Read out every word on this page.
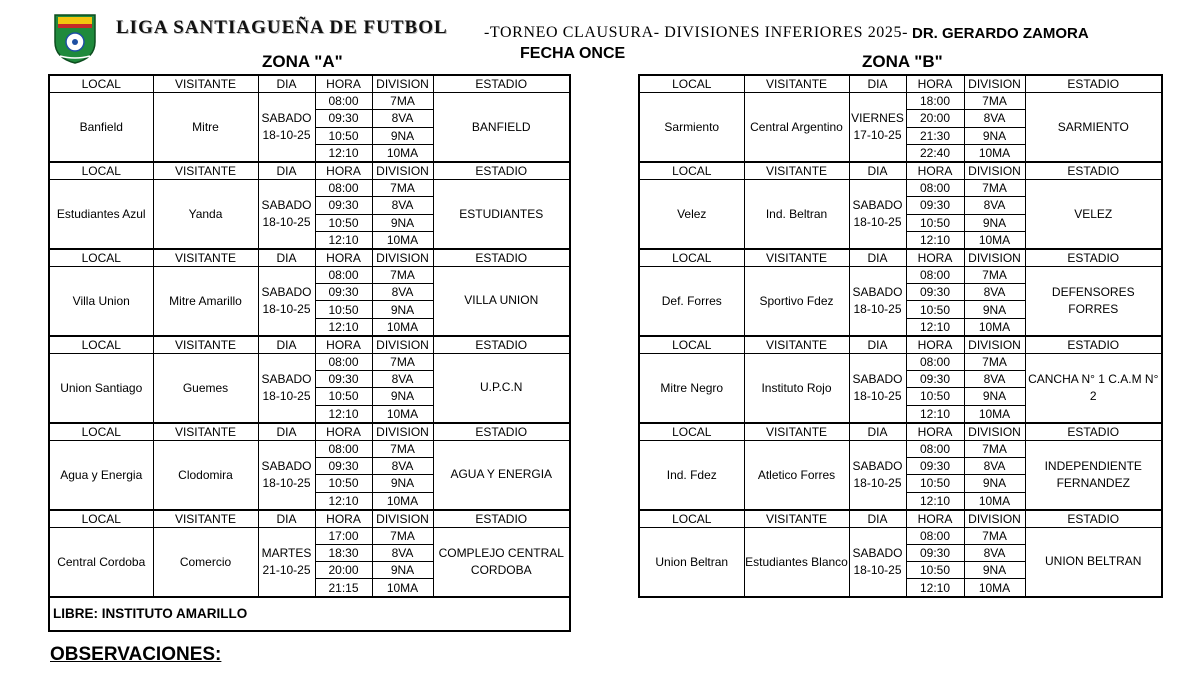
LIGA SANTIAGUEÑA DE FUTBOL -TORNEO CLAUSURA- DIVISIONES INFERIORES 2025- DR. GERARDO ZAMORA
FECHA ONCE
ZONA "A"	ZONA "B"
LOCAL	VISITANTE	DIA	HORA	DIVISION	ESTADIO
Banfield	Mitre	SABADO 18-10-25	08:00	7MA	BANFIELD
			09:30	8VA	
			10:50	9NA	
			12:10	10MA	
LOCAL	VISITANTE	DIA	HORA	DIVISION	ESTADIO
Estudiantes Azul	Yanda	SABADO 18-10-25	08:00	7MA	ESTUDIANTES
			09:30	8VA	
			10:50	9NA	
			12:10	10MA	
LOCAL	VISITANTE	DIA	HORA	DIVISION	ESTADIO
Villa Union	Mitre Amarillo	SABADO 18-10-25	08:00	7MA	VILLA UNION
			09:30	8VA	
			10:50	9NA	
			12:10	10MA	
LOCAL	VISITANTE	DIA	HORA	DIVISION	ESTADIO
Union Santiago	Guemes	SABADO 18-10-25	08:00	7MA	U.P.C.N
			09:30	8VA	
			10:50	9NA	
			12:10	10MA	
LOCAL	VISITANTE	DIA	HORA	DIVISION	ESTADIO
Agua y Energia	Clodomira	SABADO 18-10-25	08:00	7MA	AGUA Y ENERGIA
			09:30	8VA	
			10:50	9NA	
			12:10	10MA	
LOCAL	VISITANTE	DIA	HORA	DIVISION	ESTADIO
Central Cordoba	Comercio	MARTES 21-10-25	17:00	7MA	COMPLEJO CENTRAL CORDOBA
			18:30	8VA	
			20:00	9NA	
			21:15	10MA	
LIBRE: INSTITUTO AMARILLO					
LOCAL	VISITANTE	DIA	HORA	DIVISION	ESTADIO
Sarmiento	Central Argentino	VIERNES 17-10-25	18:00	7MA	SARMIENTO
			20:00	8VA	
			21:30	9NA	
			22:40	10MA	
LOCAL	VISITANTE	DIA	HORA	DIVISION	ESTADIO
Velez	Ind. Beltran	SABADO 18-10-25	08:00	7MA	VELEZ
			09:30	8VA	
			10:50	9NA	
			12:10	10MA	
LOCAL	VISITANTE	DIA	HORA	DIVISION	ESTADIO
Def. Forres	Sportivo Fdez	SABADO 18-10-25	08:00	7MA	DEFENSORES FORRES
			09:30	8VA	
			10:50	9NA	
			12:10	10MA	
LOCAL	VISITANTE	DIA	HORA	DIVISION	ESTADIO
Mitre Negro	Instituto Rojo	SABADO 18-10-25	08:00	7MA	CANCHA N° 1 C.A.M N° 2
			09:30	8VA	
			10:50	9NA	
			12:10	10MA	
LOCAL	VISITANTE	DIA	HORA	DIVISION	ESTADIO
Ind. Fdez	Atletico Forres	SABADO 18-10-25	08:00	7MA	INDEPENDIENTE FERNANDEZ
			09:30	8VA	
			10:50	9NA	
			12:10	10MA	
LOCAL	VISITANTE	DIA	HORA	DIVISION	ESTADIO
Union Beltran	Estudiantes Blanco	SABADO 18-10-25	08:00	7MA	UNION BELTRAN
			09:30	8VA	
			10:50	9NA	
			12:10	10MA	
OBSERVACIONES:
